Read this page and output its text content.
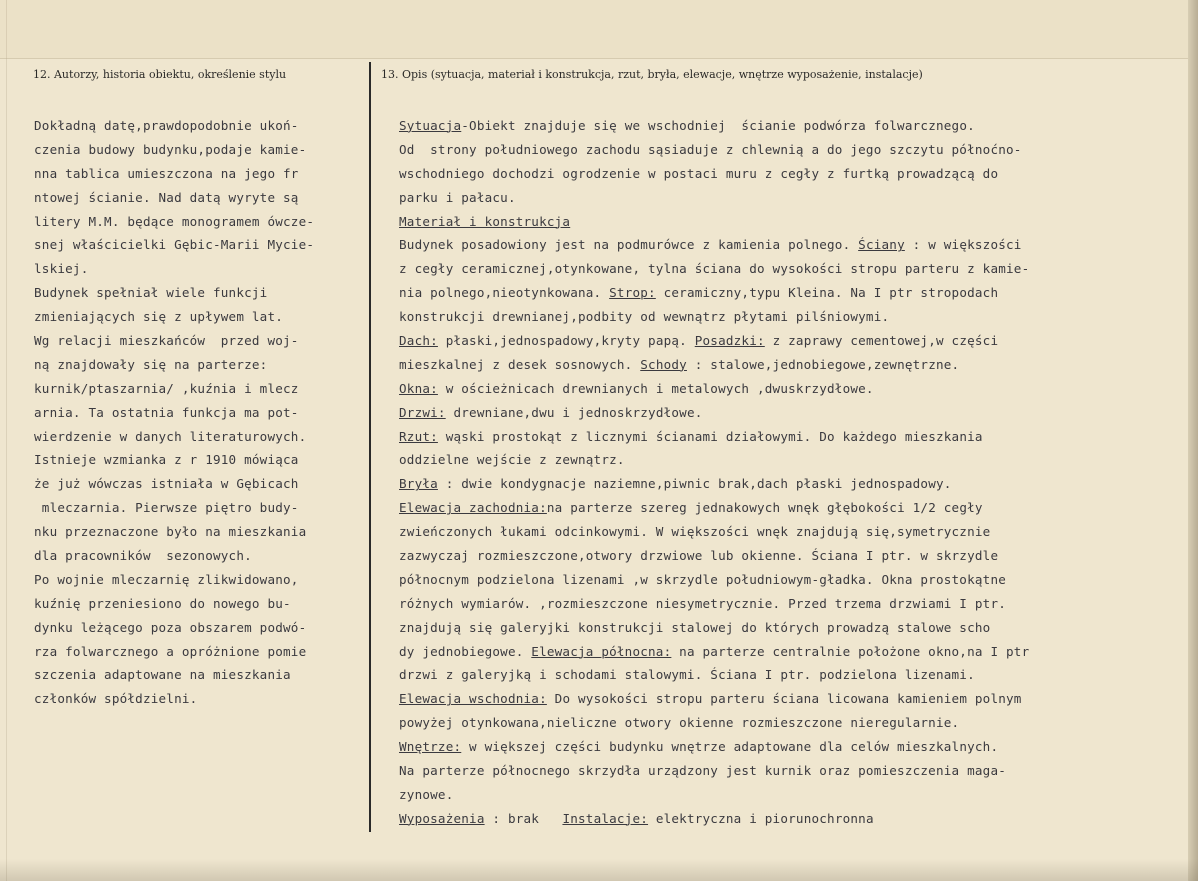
12. Autorzy, historia obiektu, określenie stylu	13. Opis (sytuacja, materiał i konstrukcja, rzut, bryła, elewacje, wnętrze wyposażenie, instalacje)
Dokładną datę,prawdopodobnie ukoń-
czenia budowy budynku,podaje kamie-
nna tablica umieszczona na jego fr
ntowej ścianie. Nad datą wyryte są
litery M.M. będące monogramem ówcze-
snej właścicielki Gębic-Marii Mycie-
lskiej.
Budynek spełniał wiele funkcji
zmieniających się z upływem lat.
Wg relacji mieszkańców  przed woj-
ną znajdowały się na parterze:
kurnik/ptaszarnia/ ,kuźnia i mlecz
arnia. Ta ostatnia funkcja ma pot-
wierdzenie w danych literaturowych.
Istnieje wzmianka z r 1910 mówiąca
że już wówczas istniała w Gębicach
mleczarnia. Pierwsze piętro budy-
nku przeznaczone było na mieszkania
dla pracowników  sezonowych.
Po wojnie mleczarnię zlikwidowano,
kuźnię przeniesiono do nowego bu-
dynku leżącego poza obszarem podwó-
rza folwarcznego a opróżnione pomie
szczenia adaptowane na mieszkania
członków spółdzielni.
Sytuacja-Obiekt znajduje się we wschodniej  ścianie podwórza folwarcznego.
Od  strony południowego zachodu sąsiaduje z chlewnią a do jego szczytu półnoćno-
wschodniego dochodzi ogrodzenie w postaci muru z cegły z furtką prowadzącą do
parku i pałacu.
Materiał i konstrukcja
Budynek posadowiony jest na podmurówce z kamienia polnego. Ściany : w większości
z cegły ceramicznej,otynkowane, tylna ściana do wysokości stropu parteru z kamie-
nia polnego,nieotynkowana. Strop: ceramiczny,typu Kleina. Na I ptr stropodach
konstrukcji drewnianej,podbity od wewnątrz płytami pilśniowymi.
Dach: płaski,jednospadowy,kryty papą. Posadzki: z zaprawy cementowej,w części
mieszkalnej z desek sosnowych. Schody : stalowe,jednobiegowe,zewnętrzne.
Okna: w ościeżnicach drewnianych i metalowych ,dwuskrzydłowe.
Drzwi: drewniane,dwu i jednoskrzydłowe.
Rzut: wąski prostokąt z licznymi ścianami działowymi. Do każdego mieszkania
oddzielne wejście z zewnątrz.
Bryła : dwie kondygnacje naziemne,piwnic brak,dach płaski jednospadowy.
Elewacja zachodnia:na parterze szereg jednakowych wnęk głębokości 1/2 cegły
zwieńczonych łukami odcinkowymi. W większości wnęk znajdują się,symetrycznie
zazwyczaj rozmieszczone,otwory drzwiowe lub okienne. Ściana I ptr. w skrzydle
północnym podzielona lizenami ,w skrzydle południowym-gładka. Okna prostokątne
różnych wymiarów. ,rozmieszczone niesymetrycznie. Przed trzema drzwiami I ptr.
znajdują się galeryjki konstrukcji stalowej do których prowadzą stalowe scho
dy jednobiegowe. Elewacja północna: na parterze centralnie położone okno,na I ptr
drzwi z galeryjką i schodami stalowymi. Ściana I ptr. podzielona lizenami.
Elewacja wschodnia: Do wysokości stropu parteru ściana licowana kamieniem polnym
powyżej otynkowana,nieliczne otwory okienne rozmieszczone nieregularnie.
Wnętrze: w większej części budynku wnętrze adaptowane dla celów mieszkalnych.
Na parterze północnego skrzydła urządzony jest kurnik oraz pomieszczenia maga-
zynowe.
Wyposażenia : brak   Instalacje: elektryczna i piorunochronna
